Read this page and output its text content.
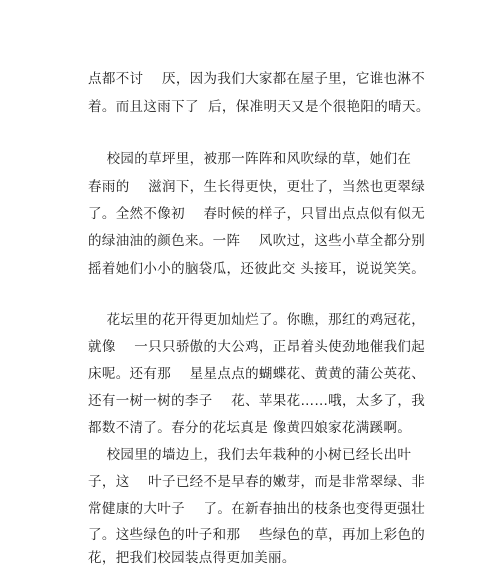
点都不讨    厌，因为我们大家都在屋子里，它谁也淋不
着。而且这雨下了  后，保准明天又是个很艳阳的晴天。
校园的草坪里，被那一阵阵和风吹绿的草，她们在
春雨的    滋润下，生长得更快，更壮了，当然也更翠绿
了。全然不像初    春时候的样子，只冒出点点似有似无
的绿油油的颜色来。一阵    风吹过，这些小草全都分别
摇着她们小小的脑袋瓜，还彼此交 头接耳，说说笑笑。
花坛里的花开得更加灿烂了。你瞧，那红的鸡冠花，
就像    一只只骄傲的大公鸡，正昂着头使劲地催我们起
床呢。还有那    星星点点的蝴蝶花、黄黄的蒲公英花、
还有一树一树的李子    花、苹果花……哦，太多了，我
都数不清了。春分的花坛真是 像黄四娘家花满蹊啊。
校园里的墙边上，我们去年栽种的小树已经长出叶
子，这    叶子已经不是早春的嫩芽，而是非常翠绿、非
常健康的大叶子    了。在新春抽出的枝条也变得更强壮
了。这些绿色的叶子和那    些绿色的草，再加上彩色的
花，把我们校园装点得更加美丽。
